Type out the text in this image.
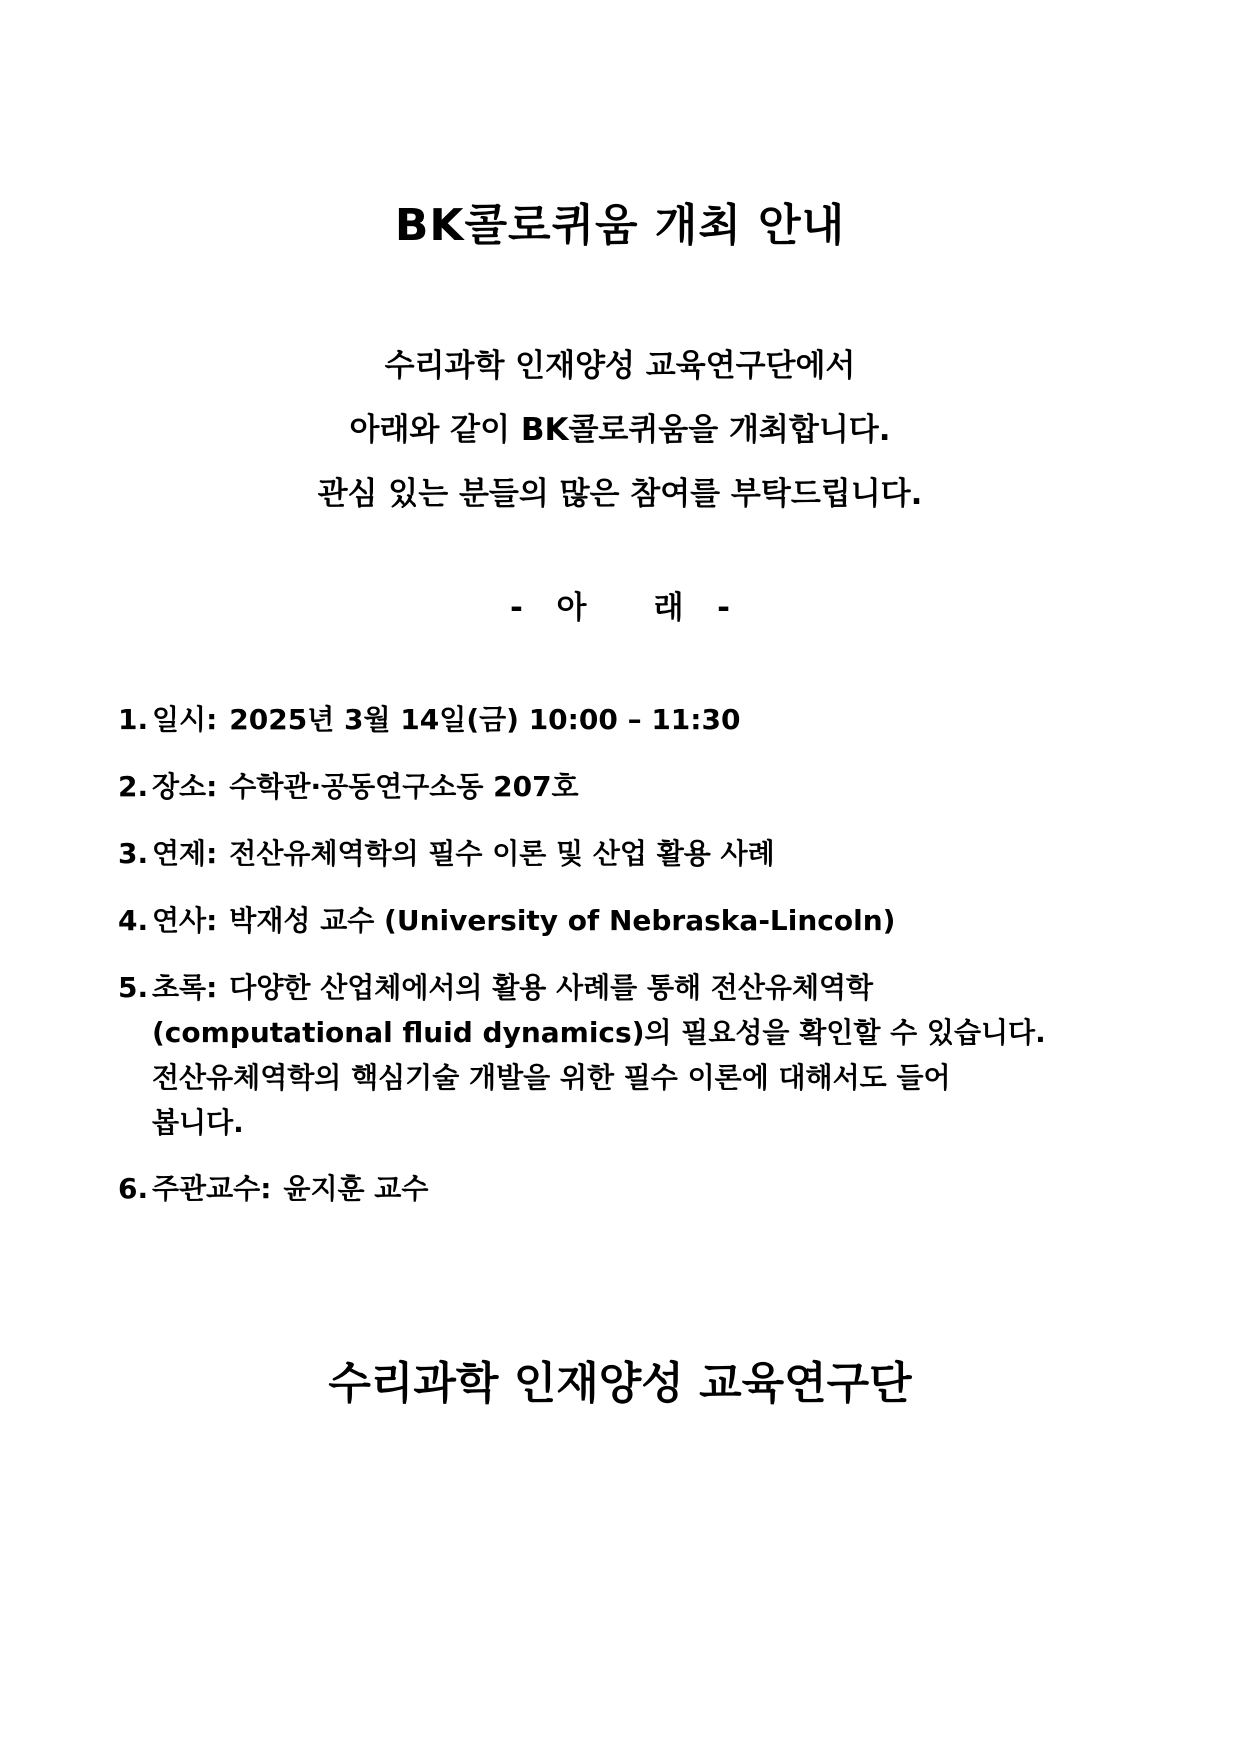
BK콜로퀴움 개최 안내
수리과학 인재양성 교육연구단에서
아래와 같이 BK콜로퀴움을 개최합니다.
관심 있는 분들의 많은 참여를 부탁드립니다.
-  아    래  -
1. 일시: 2025년 3월 14일(금) 10:00 – 11:30
2. 장소: 수학관·공동연구소동 207호
3. 연제: 전산유체역학의 필수 이론 및 산업 활용 사례
4. 연사: 박재성 교수 (University of Nebraska-Lincoln)
5. 초록: 다양한 산업체에서의 활용 사례를 통해 전산유체역학
(computational fluid dynamics)의 필요성을 확인할 수 있습니다.
전산유체역학의 핵심기술 개발을 위한 필수 이론에 대해서도 들어
봅니다.
6. 주관교수: 윤지훈 교수
수리과학 인재양성 교육연구단
